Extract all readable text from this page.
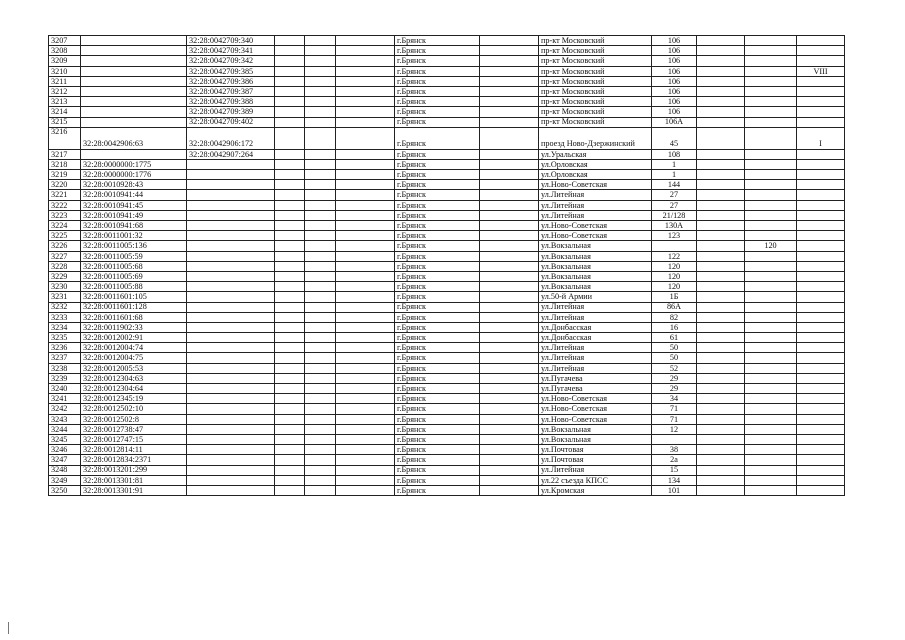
3207		32:28:0042709:340				г.Брянск		пр-кт Московский	106			
3208		32:28:0042709:341				г.Брянск		пр-кт Московский	106			
3209		32:28:0042709:342				г.Брянск		пр-кт Московский	106			
3210		32:28:0042709:385				г.Брянск		пр-кт Московский	106			VIII
3211		32:28:0042709:386				г.Брянск		пр-кт Московский	106			
3212		32:28:0042709:387				г.Брянск		пр-кт Московский	106			
3213		32:28:0042709:388				г.Брянск		пр-кт Московский	106			
3214		32:28:0042709:389				г.Брянск		пр-кт Московский	106			
3215		32:28:0042709:402				г.Брянск		пр-кт Московский	106А			
3216	32:28:0042906:63	32:28:0042906:172				г.Брянск		проезд Ново-Дзержинский	45			I
3217		32:28:0042907:264				г.Брянск		ул.Уральская	108			
3218	32:28:0000000:1775					г.Брянск		ул.Орловская	1			
3219	32:28:0000000:1776					г.Брянск		ул.Орловская	1			
3220	32:28:0010928:43					г.Брянск		ул.Ново-Советская	144			
3221	32:28:0010941:44					г.Брянск		ул.Литейная	27			
3222	32:28:0010941:45					г.Брянск		ул.Литейная	27			
3223	32:28:0010941:49					г.Брянск		ул.Литейная	21/128			
3224	32:28:0010941:68					г.Брянск		ул.Ново-Советская	130А			
3225	32:28:0011001:32					г.Брянск		ул.Ново-Советская	123			
3226	32:28:0011005:136					г.Брянск		ул.Вокзальная			120	
3227	32:28:0011005:59					г.Брянск		ул.Вокзальная	122			
3228	32:28:0011005:68					г.Брянск		ул.Вокзальная	120			
3229	32:28:0011005:69					г.Брянск		ул.Вокзальная	120			
3230	32:28:0011005:88					г.Брянск		ул.Вокзальная	120			
3231	32:28:0011601:105					г.Брянск		ул.50-й Армии	1Б			
3232	32:28:0011601:128					г.Брянск		ул.Литейная	86А			
3233	32:28:0011601:68					г.Брянск		ул.Литейная	82			
3234	32:28:0011902:33					г.Брянск		ул.Донбасская	16			
3235	32:28:0012002:91					г.Брянск		ул.Донбасская	61			
3236	32:28:0012004:74					г.Брянск		ул.Литейная	50			
3237	32:28:0012004:75					г.Брянск		ул.Литейная	50			
3238	32:28:0012005:53					г.Брянск		ул.Литейная	52			
3239	32:28:0012304:63					г.Брянск		ул.Пугачева	29			
3240	32:28:0012304:64					г.Брянск		ул.Пугачева	29			
3241	32:28:0012345:19					г.Брянск		ул.Ново-Советская	34			
3242	32:28:0012502:10					г.Брянск		ул.Ново-Советская	71			
3243	32:28:0012502:8					г.Брянск		ул.Ново-Советская	71			
3244	32:28:0012738:47					г.Брянск		ул.Вокзальная	12			
3245	32:28:0012747:15					г.Брянск		ул.Вокзальная				
3246	32:28:0012814:11					г.Брянск		ул.Почтовая	38			
3247	32:28:0012834:2371					г.Брянск		ул.Почтовая	2а			
3248	32:28:0013201:299					г.Брянск		ул.Литейная	15			
3249	32:28:0013301:81					г.Брянск		ул.22 съезда КПСС	134			
3250	32:28:0013301:91					г.Брянск		ул.Кромская	101			
